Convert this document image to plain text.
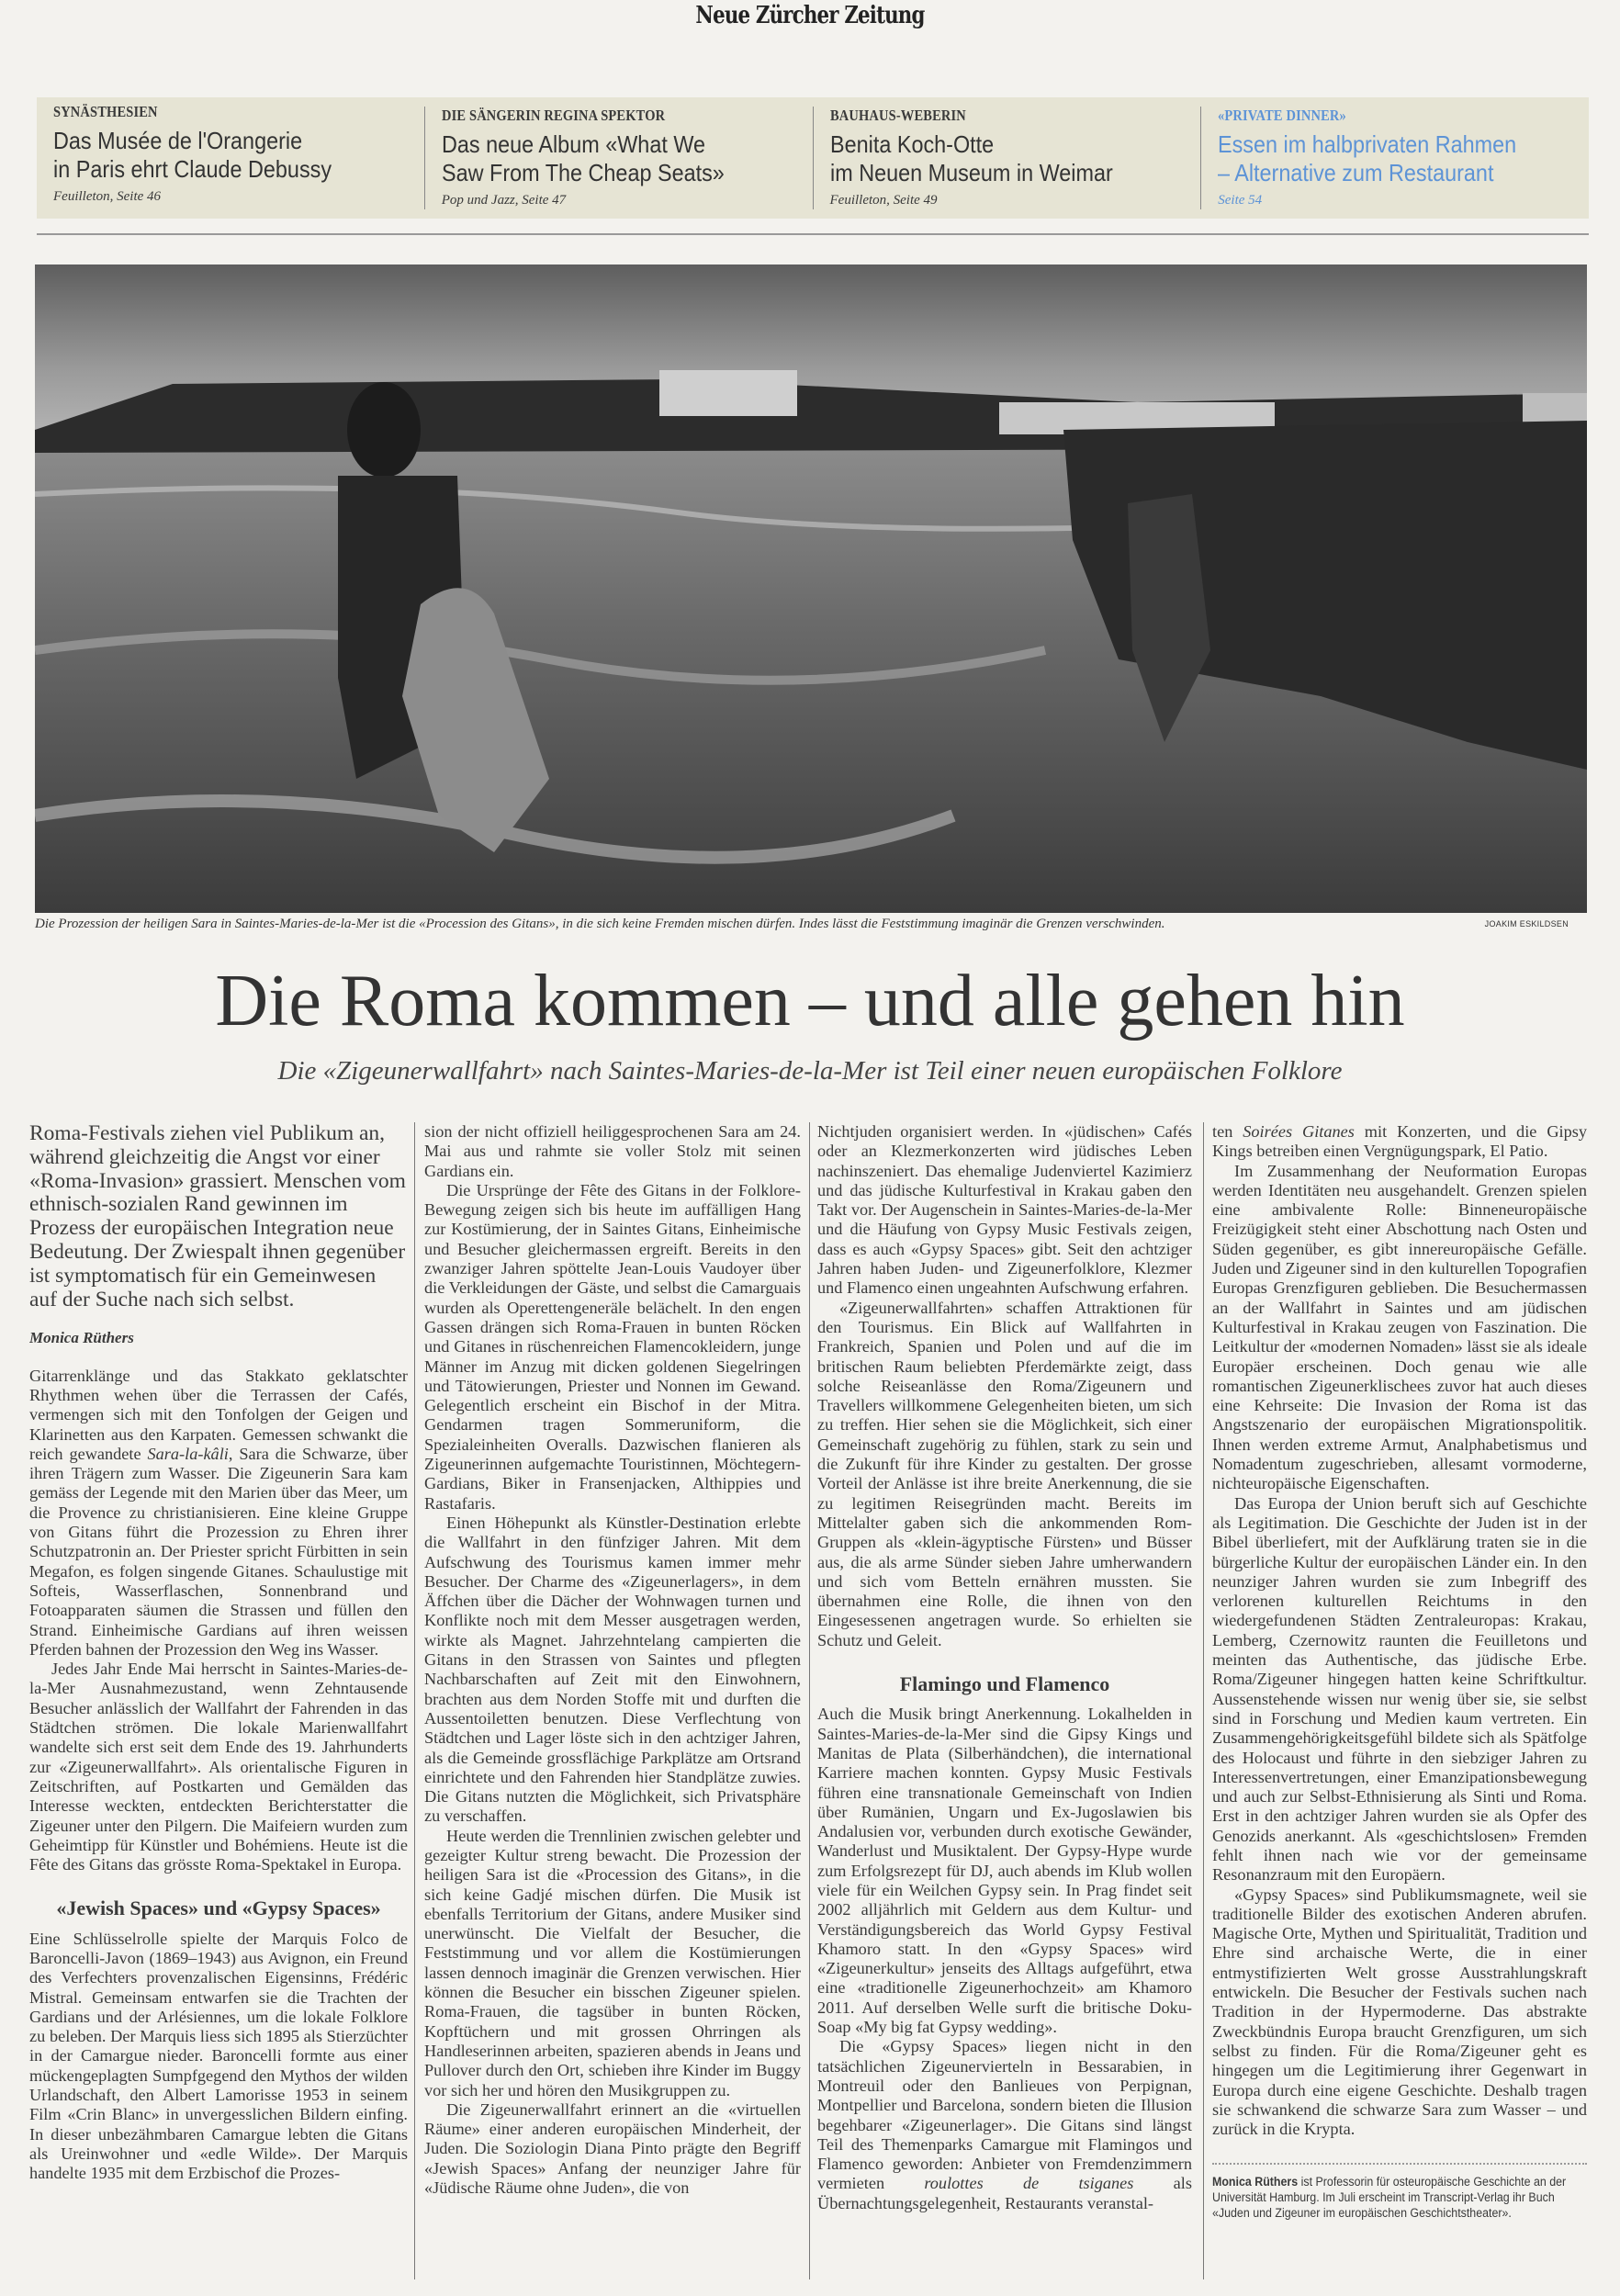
Neue Zürcher Zeitung
SYNÄSTHESIEN
Das Musée de l'Orangerie
in Paris ehrt Claude Debussy
Feuilleton, Seite 46
DIE SÄNGERIN REGINA SPEKTOR
Das neue Album «What We
Saw From The Cheap Seats»
Pop und Jazz, Seite 47
BAUHAUS-WEBERIN
Benita Koch-Otte
im Neuen Museum in Weimar
Feuilleton, Seite 49
«PRIVATE DINNER»
Essen im halbprivaten Rahmen
– Alternative zum Restaurant
Seite 54
Die Prozession der heiligen Sara in Saintes-Maries-de-la-Mer ist die «Procession des Gitans», in die sich keine Fremden mischen dürfen. Indes lässt die Feststimmung imaginär die Grenzen verschwinden.	JOAKIM ESKILDSEN
Die Roma kommen – und alle gehen hin
Die «Zigeunerwallfahrt» nach Saintes-Maries-de-la-Mer ist Teil einer neuen europäischen Folklore

Roma-Festivals ziehen viel Publikum an, während gleichzeitig die Angst vor einer «Roma-Invasion» grassiert. Menschen vom ethnisch-sozialen Rand gewinnen im Prozess der europäischen Integration neue Bedeutung. Der Zwiespalt ihnen gegenüber ist symptomatisch für ein Gemeinwesen auf der Suche nach sich selbst.

Monica Rüthers

Gitarrenklänge und das Stakkato geklatschter Rhythmen wehen über die Terrassen der Cafés, vermengen sich mit den Tonfolgen der Geigen und Klarinetten aus den Karpaten. Gemessen schwankt die reich gewandete Sara-la-kâli, Sara die Schwarze, über ihren Trägern zum Wasser. Die Zigeunerin Sara kam gemäss der Legende mit den Marien über das Meer, um die Provence zu christianisieren. Eine kleine Gruppe von Gitans führt die Prozession zu Ehren ihrer Schutzpatronin an. Der Priester spricht Fürbitten in sein Megafon, es folgen singende Gitanes. Schaulustige mit Softeis, Wasserflaschen, Sonnenbrand und Fotoapparaten säumen die Strassen und füllen den Strand. Einheimische Gardians auf ihren weissen Pferden bahnen der Prozession den Weg ins Wasser.

Jedes Jahr Ende Mai herrscht in Saintes-Maries-de-la-Mer Ausnahmezustand, wenn Zehntausende Besucher anlässlich der Wallfahrt der Fahrenden in das Städtchen strömen. Die lokale Marienwallfahrt wandelte sich erst seit dem Ende des 19. Jahrhunderts zur «Zigeunerwallfahrt». Als orientalische Figuren in Zeitschriften, auf Postkarten und Gemälden das Interesse weckten, entdeckten Berichterstatter die Zigeuner unter den Pilgern. Die Maifeiern wurden zum Geheimtipp für Künstler und Bohémiens. Heute ist die Fête des Gitans das grösste Roma-Spektakel in Europa.

«Jewish Spaces» und «Gypsy Spaces»

Eine Schlüsselrolle spielte der Marquis Folco de Baroncelli-Javon (1869–1943) aus Avignon, ein Freund des Verfechters provenzalischen Eigensinns, Frédéric Mistral. Gemeinsam entwarfen sie die Trachten der Gardians und der Arlésiennes, um die lokale Folklore zu beleben. Der Marquis liess sich 1895 als Stierzüchter in der Camargue nieder. Baroncelli formte aus einer mückengeplagten Sumpfgegend den Mythos der wilden Urlandschaft, den Albert Lamorisse 1953 in seinem Film «Crin Blanc» in unvergesslichen Bildern einfing. In dieser unbezähmbaren Camargue lebten die Gitans als Ureinwohner und «edle Wilde». Der Marquis handelte 1935 mit dem Erzbischof die Prozes-

sion der nicht offiziell heiliggesprochenen Sara am 24. Mai aus und rahmte sie voller Stolz mit seinen Gardians ein.

Die Ursprünge der Fête des Gitans in der Folklore-Bewegung zeigen sich bis heute im auffälligen Hang zur Kostümierung, der in Saintes Gitans, Einheimische und Besucher gleichermassen ergreift. Bereits in den zwanziger Jahren spöttelte Jean-Louis Vaudoyer über die Verkleidungen der Gäste, und selbst die Camarguais wurden als Operettengeneräle belächelt. In den engen Gassen drängen sich Roma-Frauen in bunten Röcken und Gitanes in rüschenreichen Flamencokleidern, junge Männer im Anzug mit dicken goldenen Siegelringen und Tätowierungen, Priester und Nonnen im Gewand. Gelegentlich erscheint ein Bischof in der Mitra. Gendarmen tragen Sommeruniform, die Spezialeinheiten Overalls. Dazwischen flanieren als Zigeunerinnen aufgemachte Touristinnen, Möchtegern-Gardians, Biker in Fransenjacken, Althippies und Rastafaris.

Einen Höhepunkt als Künstler-Destination erlebte die Wallfahrt in den fünfziger Jahren. Mit dem Aufschwung des Tourismus kamen immer mehr Besucher. Der Charme des «Zigeunerlagers», in dem Äffchen über die Dächer der Wohnwagen turnen und Konflikte noch mit dem Messer ausgetragen werden, wirkte als Magnet. Jahrzehntelang campierten die Gitans in den Strassen von Saintes und pflegten Nachbarschaften auf Zeit mit den Einwohnern, brachten aus dem Norden Stoffe mit und durften die Aussentoiletten benutzen. Diese Verflechtung von Städtchen und Lager löste sich in den achtziger Jahren, als die Gemeinde grossflächige Parkplätze am Ortsrand einrichtete und den Fahrenden hier Standplätze zuwies. Die Gitans nutzten die Möglichkeit, sich Privatsphäre zu verschaffen.

Heute werden die Trennlinien zwischen gelebter und gezeigter Kultur streng bewacht. Die Prozession der heiligen Sara ist die «Procession des Gitans», in die sich keine Gadjé mischen dürfen. Die Musik ist ebenfalls Territorium der Gitans, andere Musiker sind unerwünscht. Die Vielfalt der Besucher, die Feststimmung und vor allem die Kostümierungen lassen dennoch imaginär die Grenzen verwischen. Hier können die Besucher ein bisschen Zigeuner spielen. Roma-Frauen, die tagsüber in bunten Röcken, Kopftüchern und mit grossen Ohrringen als Handleserinnen arbeiten, spazieren abends in Jeans und Pullover durch den Ort, schieben ihre Kinder im Buggy vor sich her und hören den Musikgruppen zu.

Die Zigeunerwallfahrt erinnert an die «virtuellen Räume» einer anderen europäischen Minderheit, der Juden. Die Soziologin Diana Pinto prägte den Begriff «Jewish Spaces» Anfang der neunziger Jahre für «Jüdische Räume ohne Juden», die von

Nichtjuden organisiert werden. In «jüdischen» Cafés oder an Klezmerkonzerten wird jüdisches Leben nachinszeniert. Das ehemalige Judenviertel Kazimierz und das jüdische Kulturfestival in Krakau gaben den Takt vor. Der Augenschein in Saintes-Maries-de-la-Mer und die Häufung von Gypsy Music Festivals zeigen, dass es auch «Gypsy Spaces» gibt. Seit den achtziger Jahren haben Juden- und Zigeunerfolklore, Klezmer und Flamenco einen ungeahnten Aufschwung erfahren.

«Zigeunerwallfahrten» schaffen Attraktionen für den Tourismus. Ein Blick auf Wallfahrten in Frankreich, Spanien und Polen und auf die im britischen Raum beliebten Pferdemärkte zeigt, dass solche Reiseanlässe den Roma/Zigeunern und Travellers willkommene Gelegenheiten bieten, um sich zu treffen. Hier sehen sie die Möglichkeit, sich einer Gemeinschaft zugehörig zu fühlen, stark zu sein und die Zukunft für ihre Kinder zu gestalten. Der grosse Vorteil der Anlässe ist ihre breite Anerkennung, die sie zu legitimen Reisegründen macht. Bereits im Mittelalter gaben sich die ankommenden Rom-Gruppen als «klein-ägyptische Fürsten» und Büsser aus, die als arme Sünder sieben Jahre umherwandern und sich vom Betteln ernähren mussten. Sie übernahmen eine Rolle, die ihnen von den Eingesessenen angetragen wurde. So erhielten sie Schutz und Geleit.

Flamingo und Flamenco

Auch die Musik bringt Anerkennung. Lokalhelden in Saintes-Maries-de-la-Mer sind die Gipsy Kings und Manitas de Plata (Silberhändchen), die international Karriere machen konnten. Gypsy Music Festivals führen eine transnationale Gemeinschaft von Indien über Rumänien, Ungarn und Ex-Jugoslawien bis Andalusien vor, verbunden durch exotische Gewänder, Wanderlust und Musiktalent. Der Gypsy-Hype wurde zum Erfolgsrezept für DJ, auch abends im Klub wollen viele für ein Weilchen Gypsy sein. In Prag findet seit 2002 alljährlich mit Geldern aus dem Kultur- und Verständigungsbereich das World Gypsy Festival Khamoro statt. In den «Gypsy Spaces» wird «Zigeunerkultur» jenseits des Alltags aufgeführt, etwa eine «traditionelle Zigeunerhochzeit» am Khamoro 2011. Auf derselben Welle surft die britische Doku-Soap «My big fat Gypsy wedding».

Die «Gypsy Spaces» liegen nicht in den tatsächlichen Zigeunervierteln in Bessarabien, in Montreuil oder den Banlieues von Perpignan, Montpellier und Barcelona, sondern bieten die Illusion begehbarer «Zigeunerlager». Die Gitans sind längst Teil des Themenparks Camargue mit Flamingos und Flamenco geworden: Anbieter von Fremdenzimmern vermieten roulottes de tsiganes als Übernachtungsgelegenheit, Restaurants veranstal-

ten Soirées Gitanes mit Konzerten, und die Gipsy Kings betreiben einen Vergnügungspark, El Patio.

Im Zusammenhang der Neuformation Europas werden Identitäten neu ausgehandelt. Grenzen spielen eine ambivalente Rolle: Binneneuropäische Freizügigkeit steht einer Abschottung nach Osten und Süden gegenüber, es gibt innereuropäische Gefälle. Juden und Zigeuner sind in den kulturellen Topografien Europas Grenzfiguren geblieben. Die Besuchermassen an der Wallfahrt in Saintes und am jüdischen Kulturfestival in Krakau zeugen von Faszination. Die Leitkultur der «modernen Nomaden» lässt sie als ideale Europäer erscheinen. Doch genau wie alle romantischen Zigeunerklischees zuvor hat auch dieses eine Kehrseite: Die Invasion der Roma ist das Angstszenario der europäischen Migrationspolitik. Ihnen werden extreme Armut, Analphabetismus und Nomadentum zugeschrieben, allesamt vormoderne, nichteuropäische Eigenschaften.

Das Europa der Union beruft sich auf Geschichte als Legitimation. Die Geschichte der Juden ist in der Bibel überliefert, mit der Aufklärung traten sie in die bürgerliche Kultur der europäischen Länder ein. In den neunziger Jahren wurden sie zum Inbegriff des verlorenen kulturellen Reichtums in den wiedergefundenen Städten Zentraleuropas: Krakau, Lemberg, Czernowitz raunten die Feuilletons und meinten das Authentische, das jüdische Erbe. Roma/Zigeuner hingegen hatten keine Schriftkultur. Aussenstehende wissen nur wenig über sie, sie selbst sind in Forschung und Medien kaum vertreten. Ein Zusammengehörigkeitsgefühl bildete sich als Spätfolge des Holocaust und führte in den siebziger Jahren zu Interessenvertretungen, einer Emanzipationsbewegung und auch zur Selbst-Ethnisierung als Sinti und Roma. Erst in den achtziger Jahren wurden sie als Opfer des Genozids anerkannt. Als «geschichtslosen» Fremden fehlt ihnen nach wie vor der gemeinsame Resonanzraum mit den Europäern.

«Gypsy Spaces» sind Publikumsmagnete, weil sie traditionelle Bilder des exotischen Anderen abrufen. Magische Orte, Mythen und Spiritualität, Tradition und Ehre sind archaische Werte, die in einer entmystifizierten Welt grosse Ausstrahlungskraft entwickeln. Die Besucher der Festivals suchen nach Tradition in der Hypermoderne. Das abstrakte Zweckbündnis Europa braucht Grenzfiguren, um sich selbst zu finden. Für die Roma/Zigeuner geht es hingegen um die Legitimierung ihrer Gegenwart in Europa durch eine eigene Geschichte. Deshalb tragen sie schwankend die schwarze Sara zum Wasser – und zurück in die Krypta.

Monica Rüthers ist Professorin für osteuropäische Geschichte an der Universität Hamburg. Im Juli erscheint im Transcript-Verlag ihr Buch «Juden und Zigeuner im europäischen Geschichtstheater».
